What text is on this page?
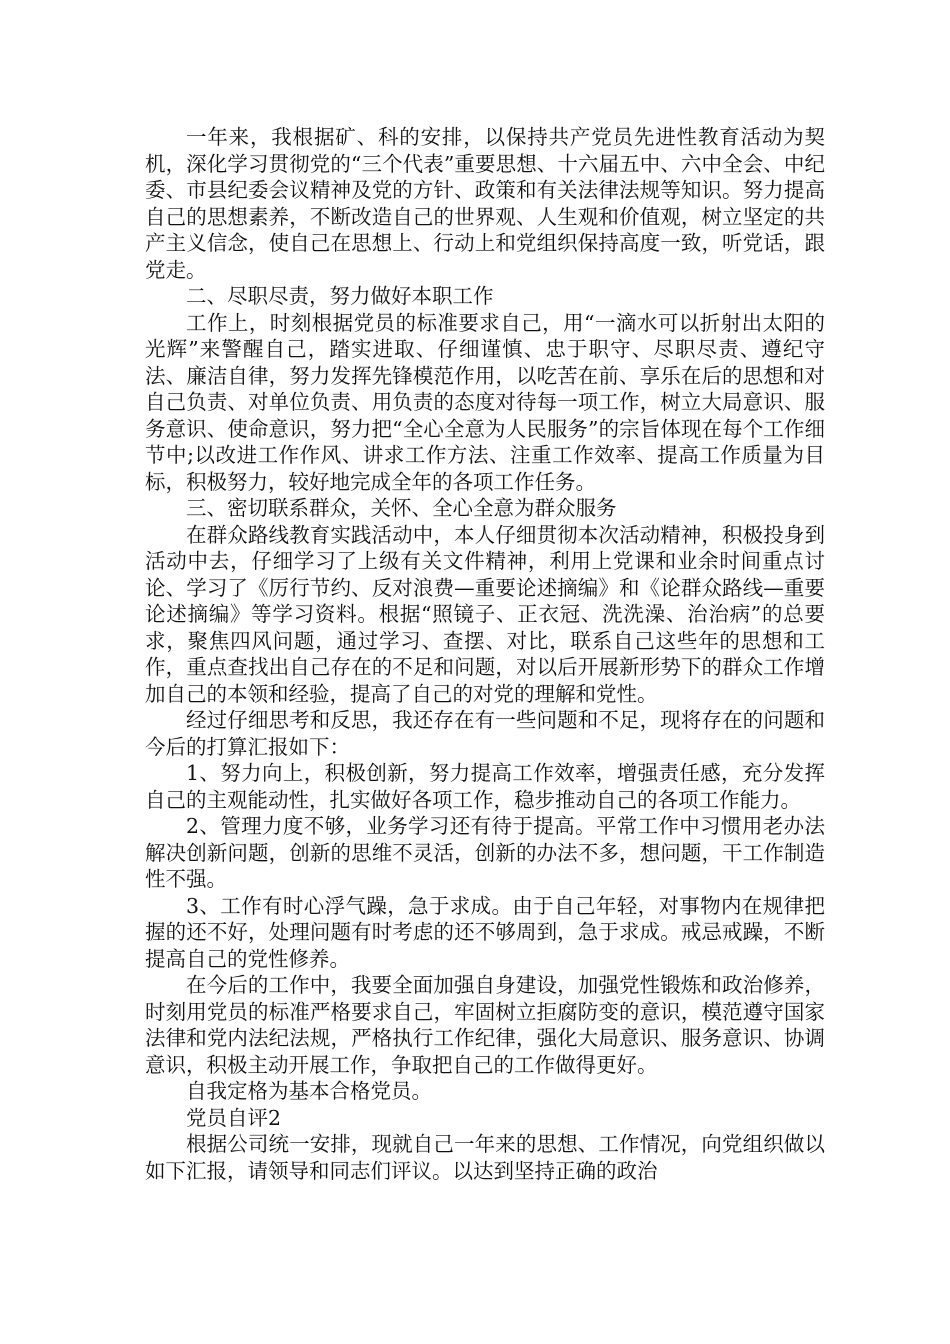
一年来，我根据矿、科的安排，以保持共产党员先进性教育活动为契机，深化学习贯彻党的“三个代表”重要思想、十六届五中、六中全会、中纪委、市县纪委会议精神及党的方针、政策和有关法律法规等知识。努力提高自己的思想素养，不断改造自己的世界观、人生观和价值观，树立坚定的共产主义信念，使自己在思想上、行动上和党组织保持高度一致，听党话，跟党走。

二、尽职尽责，努力做好本职工作

工作上，时刻根据党员的标准要求自己，用“一滴水可以折射出太阳的光辉”来警醒自己，踏实进取、仔细谨慎、忠于职守、尽职尽责、遵纪守法、廉洁自律，努力发挥先锋模范作用，以吃苦在前、享乐在后的思想和对自己负责、对单位负责、用负责的态度对待每一项工作，树立大局意识、服务意识、使命意识，努力把“全心全意为人民服务”的宗旨体现在每个工作细节中;以改进工作作风、讲求工作方法、注重工作效率、提高工作质量为目标，积极努力，较好地完成全年的各项工作任务。

三、密切联系群众，关怀、全心全意为群众服务

在群众路线教育实践活动中，本人仔细贯彻本次活动精神，积极投身到活动中去，仔细学习了上级有关文件精神，利用上党课和业余时间重点讨论、学习了《厉行节约、反对浪费—重要论述摘编》和《论群众路线—重要论述摘编》等学习资料。根据“照镜子、正衣冠、洗洗澡、治治病”的总要求，聚焦四风问题，通过学习、查摆、对比，联系自己这些年的思想和工作，重点查找出自己存在的不足和问题，对以后开展新形势下的群众工作增加自己的本领和经验，提高了自己的对党的理解和党性。

经过仔细思考和反思，我还存在有一些问题和不足，现将存在的问题和今后的打算汇报如下：

1、努力向上，积极创新，努力提高工作效率，增强责任感，充分发挥自己的主观能动性，扎实做好各项工作，稳步推动自己的各项工作能力。

2、管理力度不够，业务学习还有待于提高。平常工作中习惯用老办法解决创新问题，创新的思维不灵活，创新的办法不多，想问题，干工作制造性不强。

3、工作有时心浮气躁，急于求成。由于自己年轻，对事物内在规律把握的还不好，处理问题有时考虑的还不够周到，急于求成。戒忌戒躁，不断提高自己的党性修养。

在今后的工作中，我要全面加强自身建设，加强党性锻炼和政治修养，时刻用党员的标准严格要求自己，牢固树立拒腐防变的意识，模范遵守国家法律和党内法纪法规，严格执行工作纪律，强化大局意识、服务意识、协调意识，积极主动开展工作，争取把自己的工作做得更好。

自我定格为基本合格党员。

党员自评2

根据公司统一安排，现就自己一年来的思想、工作情况，向党组织做以如下汇报，请领导和同志们评议。以达到坚持正确的政治
